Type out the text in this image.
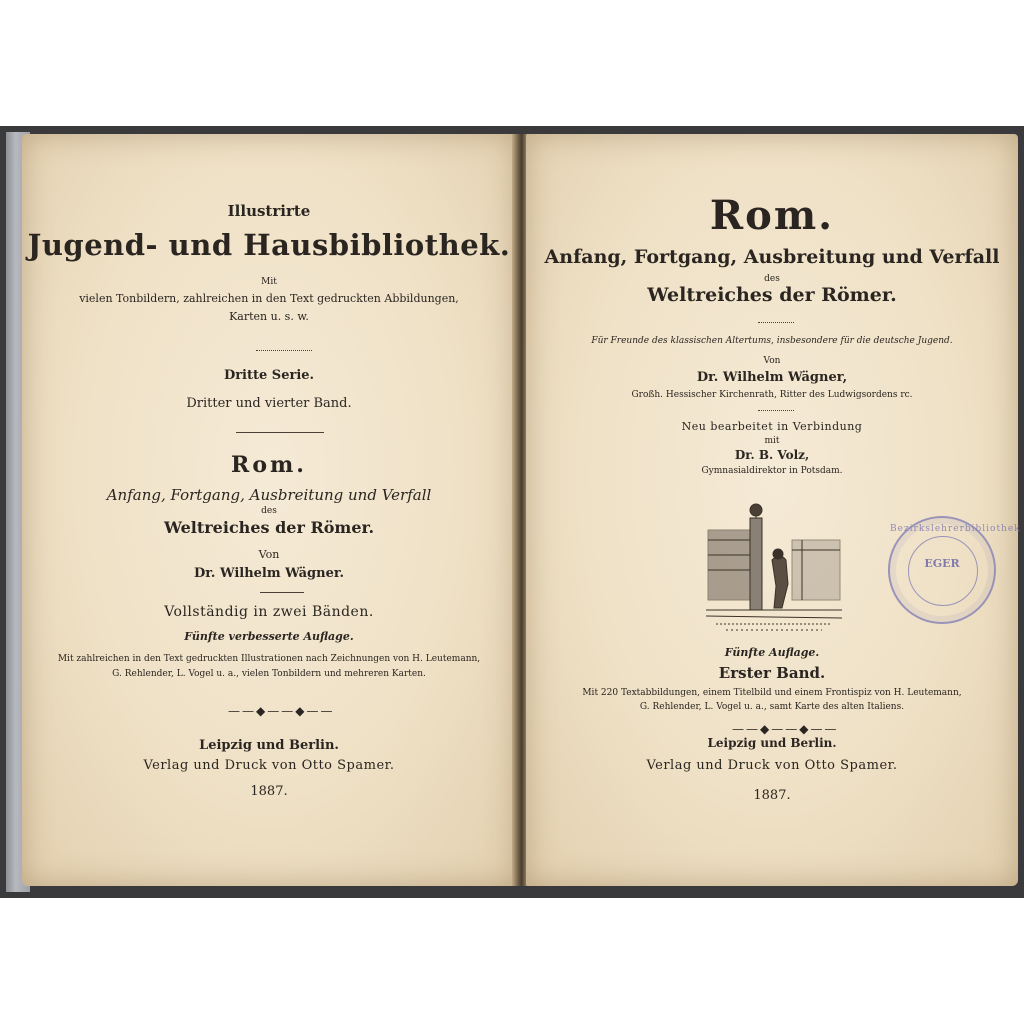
Illustrirte
Jugend- und Hausbibliothek.
Mit
vielen Tonbildern, zahlreichen in den Text gedruckten Abbildungen,
Karten u. s. w.
Dritte Serie.
Dritter und vierter Band.
Rom.
Anfang, Fortgang, Ausbreitung und Verfall
des
Weltreiches der Römer.
Von
Dr. Wilhelm Wägner.
Vollständig in zwei Bänden.
Fünfte verbesserte Auflage.
Mit zahlreichen in den Text gedruckten Illustrationen nach Zeichnungen von H. Leutemann,
G. Rehlender, L. Vogel u. a., vielen Tonbildern und mehreren Karten.
——◆——◆——
Leipzig und Berlin.
Verlag und Druck von Otto Spamer.
1887.
Rom.
Anfang, Fortgang, Ausbreitung und Verfall
des
Weltreiches der Römer.
Für Freunde des klassischen Altertums, insbesondere für die deutsche Jugend.
Von
Dr. Wilhelm Wägner,
Großh. Hessischer Kirchenrath, Ritter des Ludwigsordens rc.
Neu bearbeitet in Verbindung
mit
Dr. B. Volz,
Gymnasialdirektor in Potsdam.
Fünfte Auflage.
Erster Band.
Mit 220 Textabbildungen, einem Titelbild und einem Frontispiz von H. Leutemann,
G. Rehlender, L. Vogel u. a., samt Karte des alten Italiens.
——◆——◆——
Leipzig und Berlin.
Verlag und Druck von Otto Spamer.
1887.
Bezirkslehrerbibliothek
EGER
